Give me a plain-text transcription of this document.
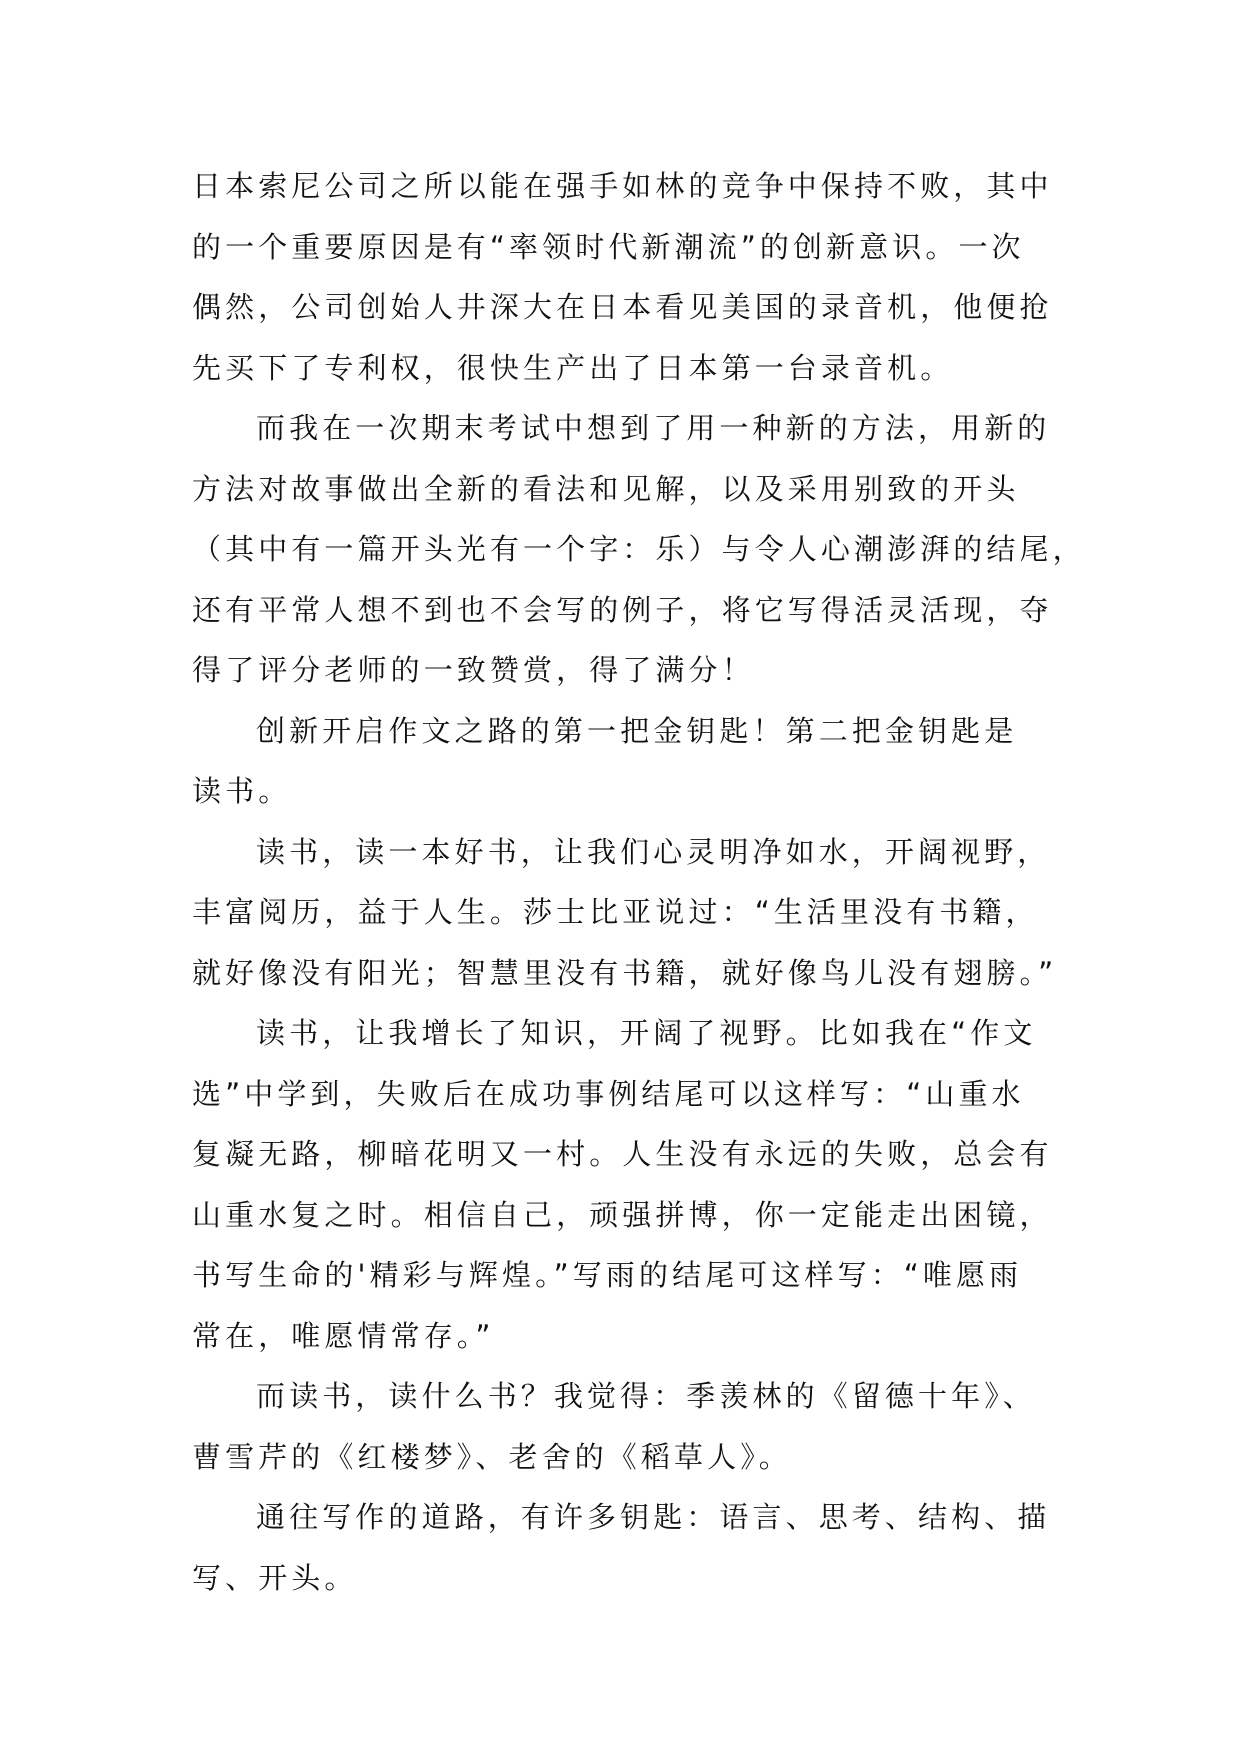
日本索尼公司之所以能在强手如林的竞争中保持不败，其中
的一个重要原因是有“率领时代新潮流”的创新意识。一次
偶然，公司创始人井深大在日本看见美国的录音机，他便抢
先买下了专利权，很快生产出了日本第一台录音机。
而我在一次期末考试中想到了用一种新的方法，用新的
方法对故事做出全新的看法和见解，以及采用别致的开头
（其中有一篇开头光有一个字：乐）与令人心潮澎湃的结尾，
还有平常人想不到也不会写的例子，将它写得活灵活现，夺
得了评分老师的一致赞赏，得了满分！
创新开启作文之路的第一把金钥匙！第二把金钥匙是
读书。
读书，读一本好书，让我们心灵明净如水，开阔视野，
丰富阅历，益于人生。莎士比亚说过：“生活里没有书籍，
就好像没有阳光；智慧里没有书籍，就好像鸟儿没有翅膀。”
读书，让我增长了知识，开阔了视野。比如我在“作文
选”中学到，失败后在成功事例结尾可以这样写：“山重水
复凝无路，柳暗花明又一村。人生没有永远的失败，总会有
山重水复之时。相信自己，顽强拼博，你一定能走出困镜，
书写生命的'精彩与辉煌。”写雨的结尾可这样写：“唯愿雨
常在，唯愿情常存。”
而读书，读什么书？我觉得：季羡林的《留德十年》、
曹雪芹的《红楼梦》、老舍的《稻草人》。
通往写作的道路，有许多钥匙：语言、思考、结构、描
写、开头。
